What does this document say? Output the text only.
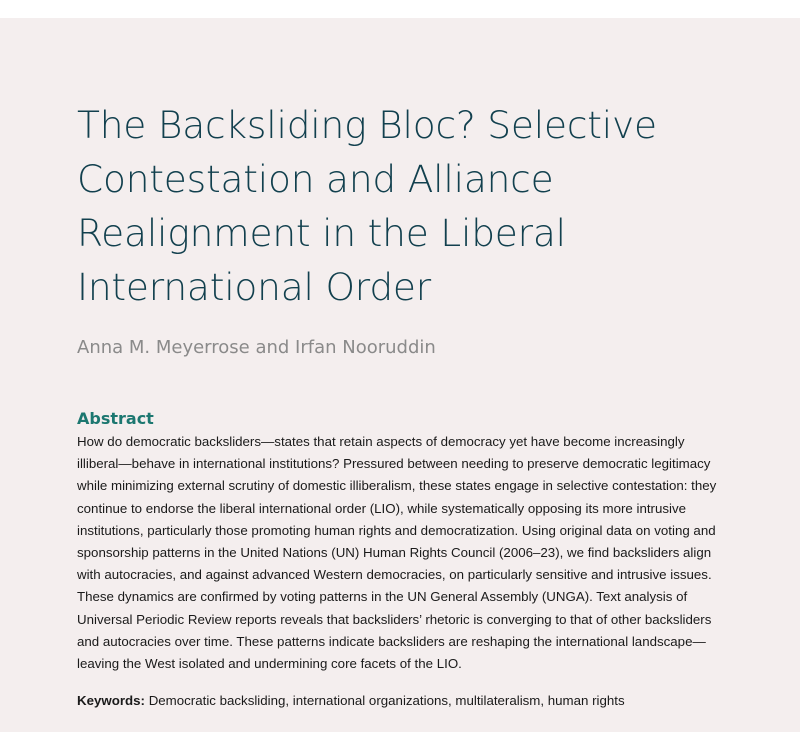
The Backsliding Bloc? Selective Contestation and Alliance Realignment in the Liberal International Order
Anna M. Meyerrose and Irfan Nooruddin
Abstract

How do democratic backsliders—states that retain aspects of democracy yet have become increasingly illiberal—behave in international institutions? Pressured between needing to preserve democratic legitimacy while minimizing external scrutiny of domestic illiberalism, these states engage in selective contestation: they continue to endorse the liberal international order (LIO), while systematically opposing its more intrusive institutions, particularly those promoting human rights and democratization. Using original data on voting and sponsorship patterns in the United Nations (UN) Human Rights Council (2006–23), we find backsliders align with autocracies, and against advanced Western democracies, on particularly sensitive and intrusive issues. These dynamics are confirmed by voting patterns in the UN General Assembly (UNGA). Text analysis of Universal Periodic Review reports reveals that backsliders’ rhetoric is converging to that of other backsliders and autocracies over time. These patterns indicate backsliders are reshaping the international landscape—leaving the West isolated and undermining core facets of the LIO.

Keywords: Democratic backsliding, international organizations, multilateralism, human rights
